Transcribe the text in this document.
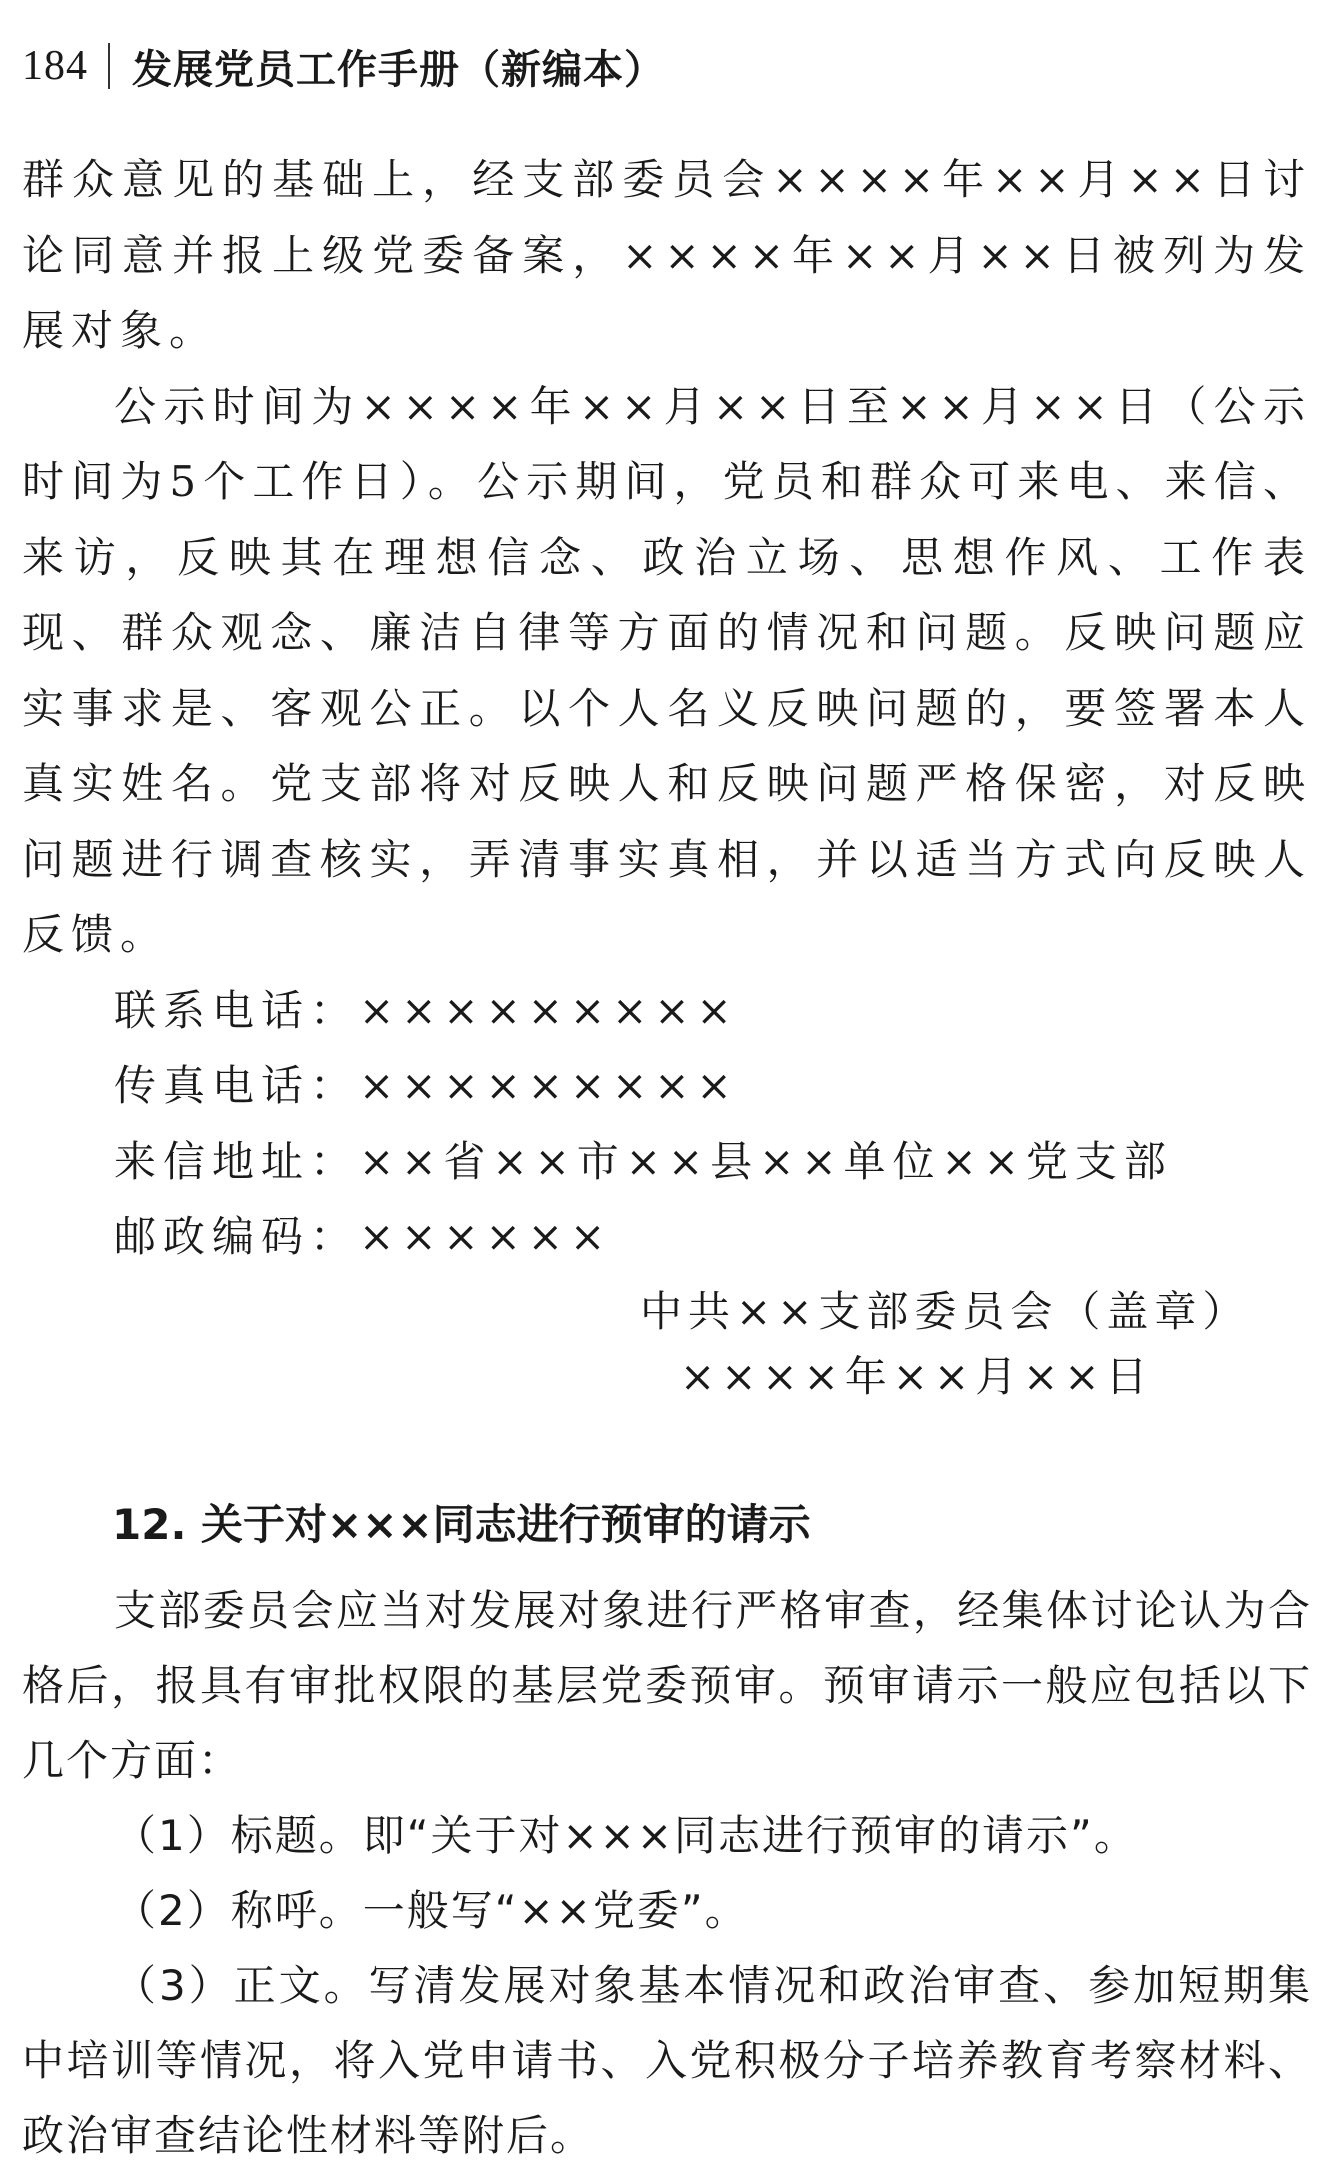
184 发展党员工作手册（新编本）

群众意见的基础上，经支部委员会××××年××月××日讨论同意并报上级党委备案，××××年××月××日被列为发展对象。

公示时间为××××年××月××日至××月××日（公示时间为5个工作日）。公示期间，党员和群众可来电、来信、来访，反映其在理想信念、政治立场、思想作风、工作表现、群众观念、廉洁自律等方面的情况和问题。反映问题应实事求是、客观公正。以个人名义反映问题的，要签署本人真实姓名。党支部将对反映人和反映问题严格保密，对反映问题进行调查核实，弄清事实真相，并以适当方式向反映人反馈。

联系电话：×××××××××

传真电话：×××××××××

来信地址：××省××市××县××单位××党支部

邮政编码：××××××

中共××支部委员会（盖章）
××××年××月××日
12. 关于对×××同志进行预审的请示

支部委员会应当对发展对象进行严格审查，经集体讨论认为合格后，报具有审批权限的基层党委预审。预审请示一般应包括以下几个方面：

（1）标题。即“关于对×××同志进行预审的请示”。

（2）称呼。一般写“××党委”。

（3）正文。写清发展对象基本情况和政治审查、参加短期集中培训等情况，将入党申请书、入党积极分子培养教育考察材料、政治审查结论性材料等附后。
